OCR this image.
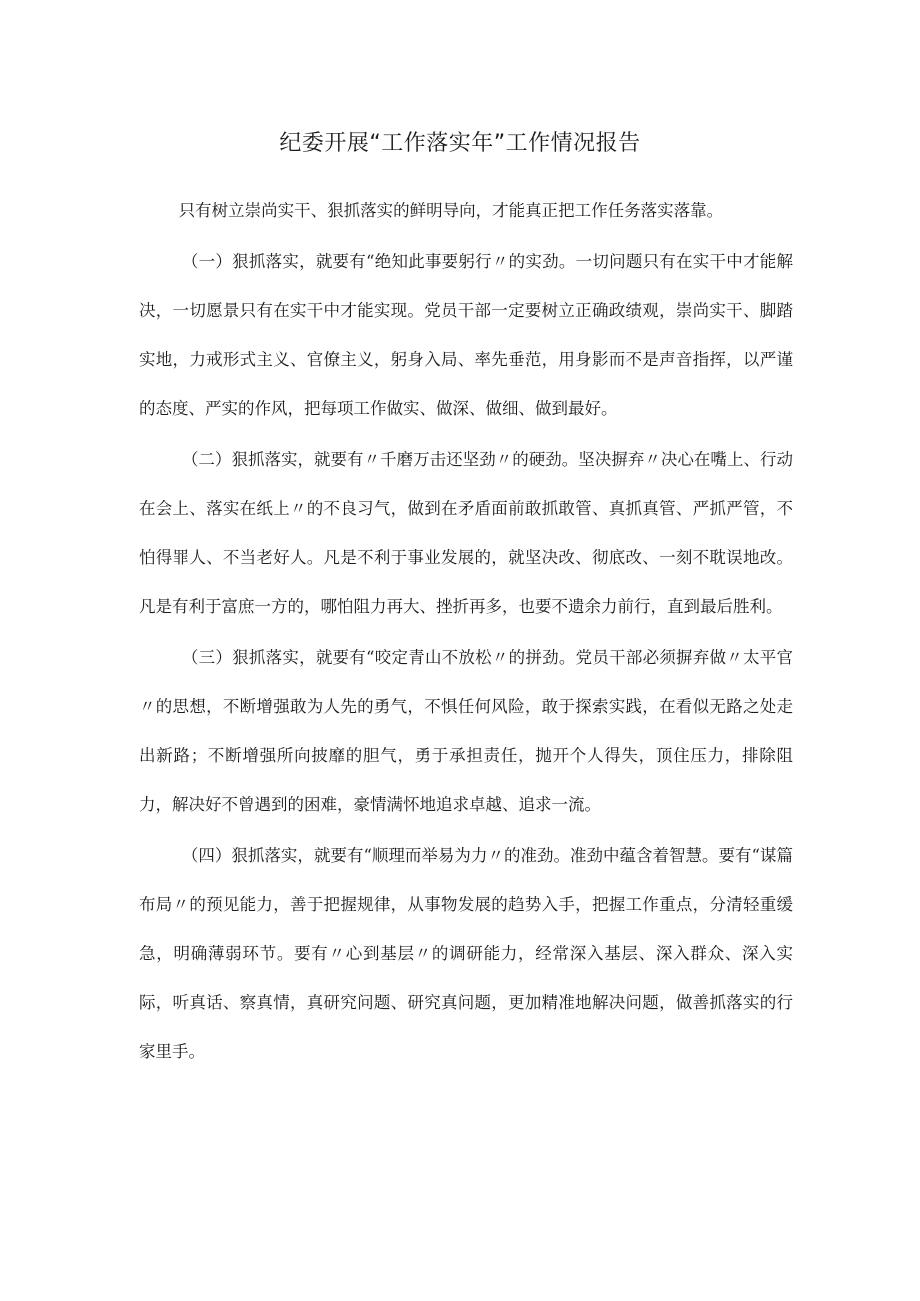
纪委开展“工作落实年”工作情况报告

只有树立崇尚实干、狠抓落实的鲜明导向，才能真正把工作任务落实落靠。

（一）狠抓落实，就要有“绝知此事要躬行〃的实劲。一切问题只有在实干中才能解决，一切愿景只有在实干中才能实现。党员干部一定要树立正确政绩观，崇尚实干、脚踏实地，力戒形式主义、官僚主义，躬身入局、率先垂范，用身影而不是声音指挥，以严谨的态度、严实的作风，把每项工作做实、做深、做细、做到最好。

（二）狠抓落实，就要有〃千磨万击还坚劲〃的硬劲。坚决摒弃〃决心在嘴上、行动在会上、落实在纸上〃的不良习气，做到在矛盾面前敢抓敢管、真抓真管、严抓严管，不怕得罪人、不当老好人。凡是不利于事业发展的，就坚决改、彻底改、一刻不耽误地改。凡是有利于富庶一方的，哪怕阻力再大、挫折再多，也要不遗余力前行，直到最后胜利。

（三）狠抓落实，就要有“咬定青山不放松〃的拼劲。党员干部必须摒弃做〃太平官〃的思想，不断增强敢为人先的勇气，不惧任何风险，敢于探索实践，在看似无路之处走出新路；不断增强所向披靡的胆气，勇于承担责任，抛开个人得失，顶住压力，排除阻力，解决好不曾遇到的困难，豪情满怀地追求卓越、追求一流。

（四）狠抓落实，就要有“顺理而举易为力〃的准劲。准劲中蕴含着智慧。要有“谋篇布局〃的预见能力，善于把握规律，从事物发展的趋势入手，把握工作重点，分清轻重缓急，明确薄弱环节。要有〃心到基层〃的调研能力，经常深入基层、深入群众、深入实际，听真话、察真情，真研究问题、研究真问题，更加精准地解决问题，做善抓落实的行家里手。
